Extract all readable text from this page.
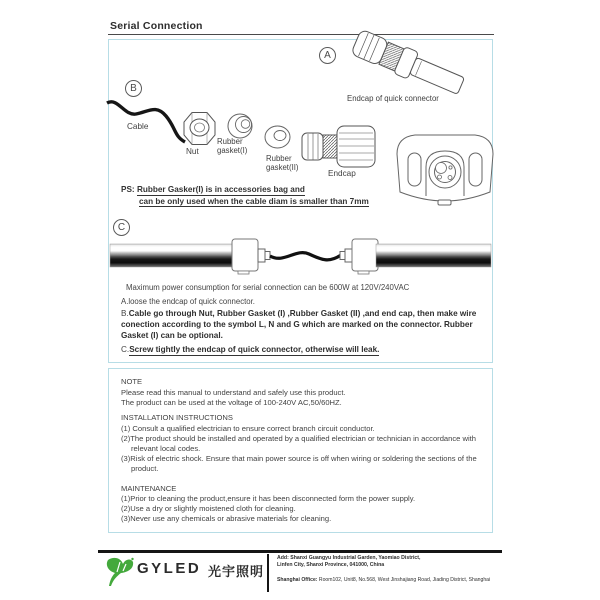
Serial Connection
A
B
C
Endcap of quick connector
Cable
Nut
Rubber
gasket(I)
Rubber
gasket(II)
Endcap
PS: Rubber Gasker(I) is in accessories bag and
can be only used when the cable diam is smaller than 7mm
Maximum power consumption for serial connection can be 600W at 120V/240VAC
A.loose the endcap of quick connector.
B.Cable go through Nut, Rubber Gasket (I) ,Rubber Gasket (II) ,and end cap, then make wire conection according to the symbol L, N and G which are marked on the connector. Rubber Gasket (I) can be optional.
C.Screw tightly the endcap of quick connector, otherwise will leak.
NOTE
Please read this manual to understand and safely use this product.
The product can be used at the voltage of 100-240V AC,50/60HZ.
INSTALLATION INSTRUCTIONS
(1) Consult a qualified electrician to ensure correct branch circuit conductor.
(2)The product should be installed and operated by a qualified electrician or technician in accordance with relevant local codes.
(3)Risk of electric shock. Ensure that main power source is off when wiring or soldering the sections of the product.
MAINTENANCE
(1)Prior to cleaning the product,ensure it has been disconnected form the power supply.
(2)Use a dry or slightly moistened cloth for cleaning.
(3)Never use any chemicals or abrasive materials for cleaning.
GYLED 光宇照明
Add: Shanxi Guangyu Industrial Garden, Yaomiao District,
Linfen City, Shanxi Province, 041000, China
Shanghai Office: Room102, Unit8, No.568, West Jinshajiang Road, Jiading District, Shanghai
